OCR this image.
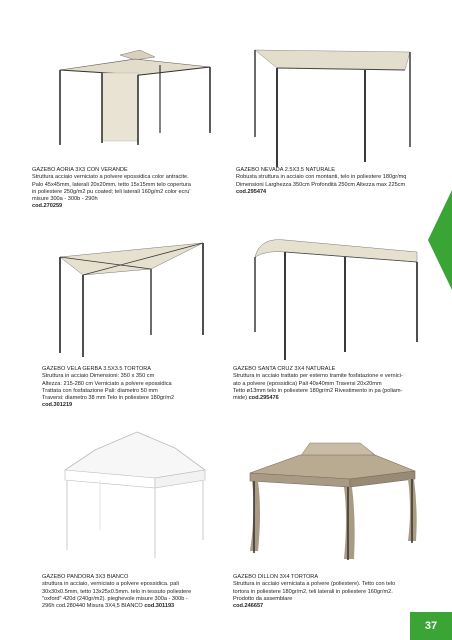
GAZEBO AORIA 3X3 CON VERANDE
Struttura acciaio verniciato a polvere epossidica color antracite.
Palo 45x45mm, laterali 20x20mm, tetto 15x15mm telo copertura
in poliestere 250g/m2 pu coated; teli laterali 160g/m2 color ecru'
misure 300a - 300b - 290h
cod.270259
GAZEBO NEVADA 2.5X3.5 NATURALE
Robusta struttura in acciaio con montanti, telo in poliestere 180gr/mq
Dimensioni Larghezza 350cm Profondità 250cm Altezza max 225cm
cod.295474
GAZEBO VELA GERBA 3.5X3.5 TORTORA
Struttura in acciaio Dimensioni: 350 x 350 cm
Altezza: 215-280 cm Verniciato a polvere epossidica
Trattata con fosfatazione Pali: diametro 50 mm
Traversi: diametro 38 mm Telo in poliestere 180gr/m2
cod.301219
GAZEBO SANTA CRUZ 3X4 NATURALE
Struttura in acciaio trattato per esterno tramite fosfatazione e vernici-
ato a polvere (epossidica) Pali 40x40mm Traversi 20x20mm
Tetto ø13mm telo in poliestere 180gr/m2 Rivestimento in pa (poliam-
mide) cod.295476
GAZEBO PANDORA 3X3 BIANCO
struttura in acciaio, verniciato a polvere epossidica. pali
30x30x0.5mm, tetto 13x25x0.5mm. telo in tessuto poliestere
"oxford" 420d (240gr/m2). pieghevole misure 300a - 300b -
296h cod.280440 Misura 3X4,5 BIANCO cod.301193
GAZEBO DILLON 3X4 TORTORA
Struttura in acciaio verniciata a polvere (poliestere). Tetto con telo
tortora in poliestere 180gr/m2, teli laterali in poliestere 160gr/m2.
Prodotto da assemblare
cod.246657
37
